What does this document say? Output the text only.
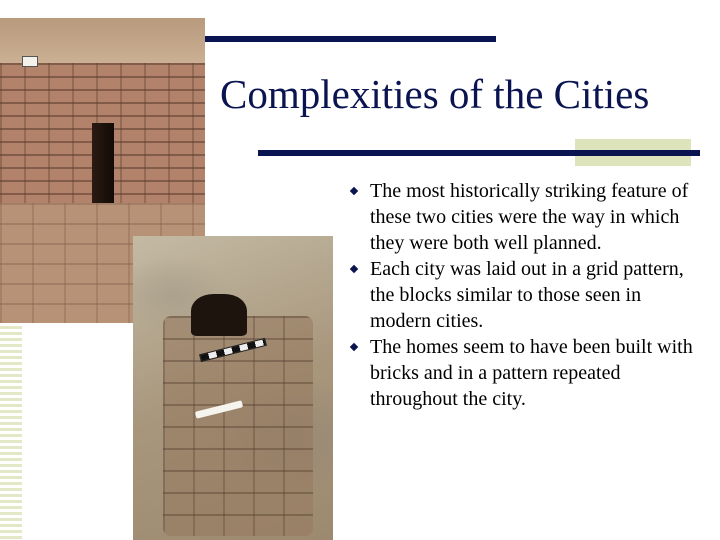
Complexities of the Cities
The most historically striking feature of these two cities were the way in which they were both well planned.
Each city was laid out in a grid pattern, the blocks similar to those seen in modern cities.
The homes seem to have been built with bricks and in a pattern repeated throughout the city.
